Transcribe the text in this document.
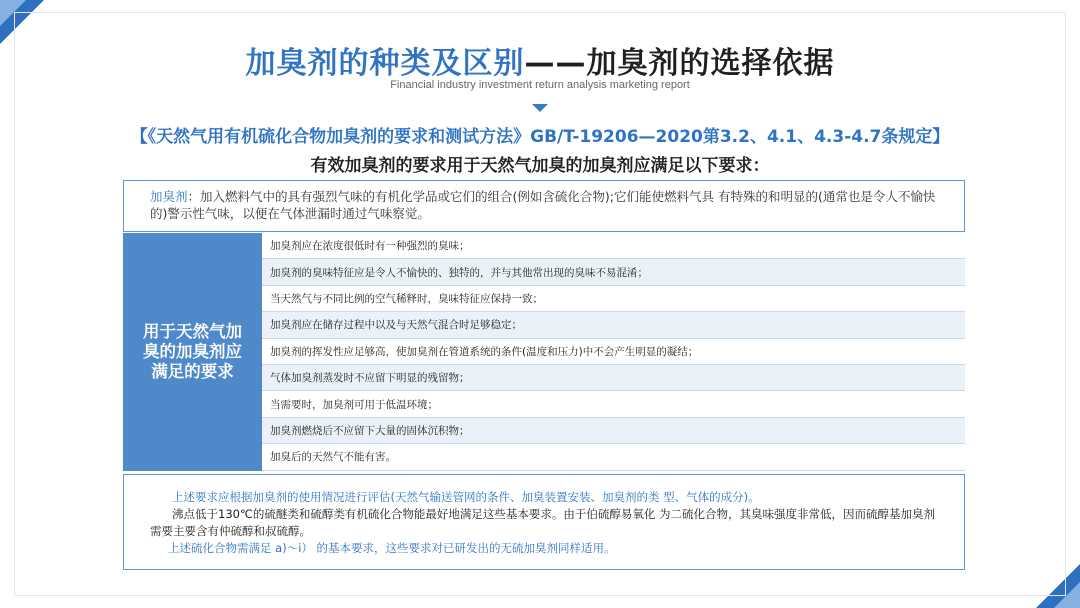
加臭剂的种类及区别——加臭剂的选择依据
Financial industry investment return analysis marketing report
【《天然气用有机硫化合物加臭剂的要求和测试方法》GB/T-19206—2020第3.2、4.1、4.3-4.7条规定】
有效加臭剂的要求用于天然气加臭的加臭剂应满足以下要求：
加臭剂：加入燃料气中的具有强烈气味的有机化学品或它们的组合(例如含硫化合物);它们能使燃料气具 有特殊的和明显的(通常也是令人不愉快的)警示性气味，以便在气体泄漏时通过气味察觉。
用于天然气加臭的加臭剂应满足的要求
加臭剂应在浓度很低时有一种强烈的臭味；
加臭剂的臭味特征应是令人不愉快的、独特的，并与其他常出现的臭味不易混淆；
当天然气与不同比例的空气稀释时，臭味特征应保持一致；
加臭剂应在储存过程中以及与天然气混合时足够稳定；
加臭剂的挥发性应足够高，使加臭剂在管道系统的条件(温度和压力)中不会产生明显的凝结；
气体加臭剂蒸发时不应留下明显的残留物；
当需要时，加臭剂可用于低温环境；
加臭剂燃烧后不应留下大量的固体沉积物；
加臭后的天然气不能有害。
上述要求应根据加臭剂的使用情况进行评估(天然气输送管网的条件、加臭装置安装、加臭剂的类 型、气体的成分)。
沸点低于130℃的硫醚类和硫醇类有机硫化合物能最好地满足这些基本要求。由于伯硫醇易氧化 为二硫化合物，其臭味强度非常低，因而硫醇基加臭剂需要主要含有仲硫醇和叔硫醇。
上述硫化合物需满足 a)～i） 的基本要求，这些要求对已研发出的无硫加臭剂同样适用。
